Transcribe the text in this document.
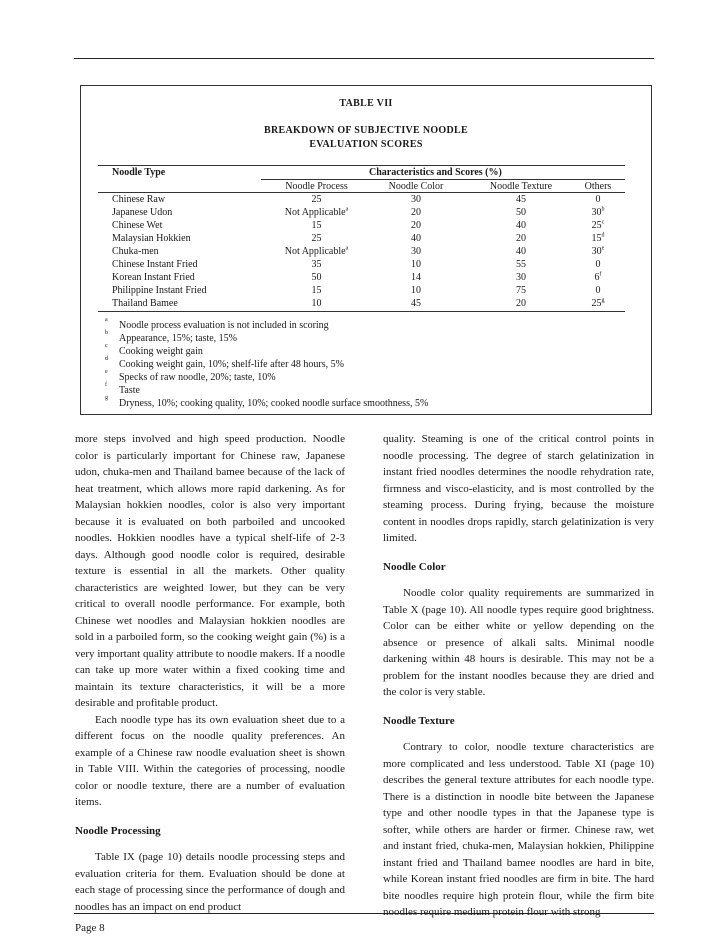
TABLE VII
BREAKDOWN OF SUBJECTIVE NOODLE
EVALUATION SCORES
Noodle Type	Characteristics and Scores (%)
Noodle Process	Noodle Color	Noodle Texture	Others
Chinese Raw	25	30	45	0
Japanese Udon	Not Applicable$^a$	20	50	30$^b$
Chinese Wet	15	20	40	25$^c$
Malaysian Hokkien	25	40	20	15$^d$
Chuka-men	Not Applicable$^a$	30	40	30e
Chinese Instant Fried	35	10	55	0
Korean Instant Fried	50	14	30	6$^f$
Philippine Instant Fried	15	10	75	0
Thailand Bamee	10	45	20	25$^g$
a Noodle process evaluation is not included in scoring
b Appearance, 15%; taste, 15%
c Cooking weight gain
d Cooking weight gain, 10%; shelf-life after 48 hours, 5%
e Specks of raw noodle, 20%; taste, 10%
f Taste
g Dryness, 10%; cooking quality, 10%; cooked noodle surface smoothness, 5%

more steps involved and high speed production. Noodle color is particularly important for Chinese raw, Japanese udon, chuka-men and Thailand bamee because of the lack of heat treatment, which allows more rapid darkening. As for Malaysian hokkien noodles, color is also very important because it is evaluated on both parboiled and uncooked noodles. Hokkien noodles have a typical shelf-life of 2-3 days. Although good noodle color is required, desirable texture is essential in all the markets. Other quality characteristics are weighted lower, but they can be very critical to overall noodle performance. For example, both Chinese wet noodles and Malaysian hokkien noodles are sold in a parboiled form, so the cooking weight gain (%) is a very important quality attribute to noodle makers. If a noodle can take up more water within a fixed cooking time and maintain its texture characteristics, it will be a more desirable and profitable product.

Each noodle type has its own evaluation sheet due to a different focus on the noodle quality preferences. An example of a Chinese raw noodle evaluation sheet is shown in Table VIII. Within the categories of processing, noodle color or noodle texture, there are a number of evaluation items.

Noodle Processing

Table IX (page 10) details noodle processing steps and evaluation criteria for them. Evaluation should be done at each stage of processing since the performance of dough and noodles has an impact on end product

quality. Steaming is one of the critical control points in noodle processing. The degree of starch gelatinization in instant fried noodles determines the noodle rehydration rate, firmness and visco-elasticity, and is most controlled by the steaming process. During frying, because the moisture content in noodles drops rapidly, starch gelatinization is very limited.

Noodle Color

Noodle color quality requirements are summarized in Table X (page 10). All noodle types require good brightness. Color can be either white or yellow depending on the absence or presence of alkali salts. Minimal noodle darkening within 48 hours is desirable. This may not be a problem for the instant noodles because they are dried and the color is very stable.

Noodle Texture

Contrary to color, noodle texture characteristics are more complicated and less understood. Table XI (page 10) describes the general texture attributes for each noodle type. There is a distinction in noodle bite between the Japanese type and other noodle types in that the Japanese type is softer, while others are harder or firmer. Chinese raw, wet and instant fried, chuka-men, Malaysian hokkien, Philippine instant fried and Thailand bamee noodles are hard in bite, while Korean instant fried noodles are firm in bite. The hard bite noodles require high protein flour, while the firm bite noodles require medium protein flour with strong

Page 8
